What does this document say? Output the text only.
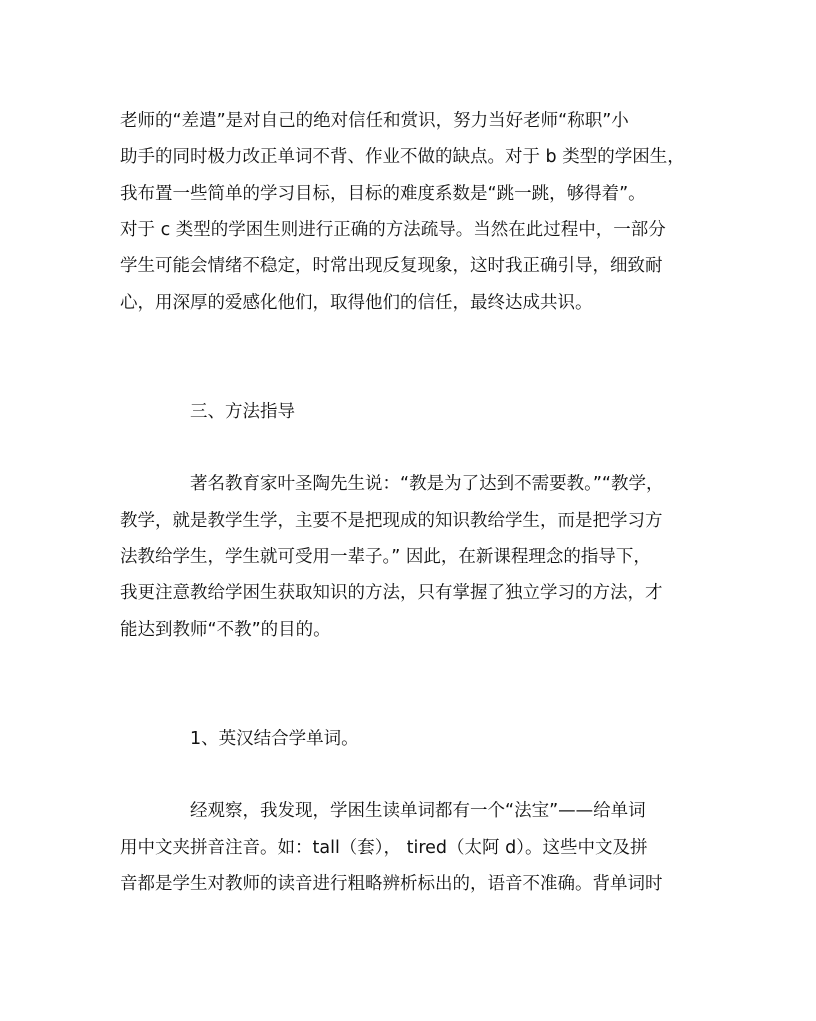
老师的“差遣”是对自己的绝对信任和赏识，努力当好老师“称职”小
助手的同时极力改正单词不背、作业不做的缺点。对于 b 类型的学困生，
我布置一些简单的学习目标，目标的难度系数是“跳一跳，够得着”。
对于 c 类型的学困生则进行正确的方法疏导。当然在此过程中，一部分
学生可能会情绪不稳定，时常出现反复现象，这时我正确引导，细致耐
心，用深厚的爱感化他们，取得他们的信任，最终达成共识。
三、方法指导
著名教育家叶圣陶先生说：“教是为了达到不需要教。”“教学，
教学，就是教学生学，主要不是把现成的知识教给学生，而是把学习方
法教给学生，学生就可受用一辈子。” 因此，在新课程理念的指导下，
我更注意教给学困生获取知识的方法，只有掌握了独立学习的方法，才
能达到教师“不教”的目的。
1、英汉结合学单词。
经观察，我发现，学困生读单词都有一个“法宝”——给单词
用中文夹拼音注音。如：tall（套）， tired（太阿 d）。这些中文及拼
音都是学生对教师的读音进行粗略辨析标出的，语音不准确。背单词时
